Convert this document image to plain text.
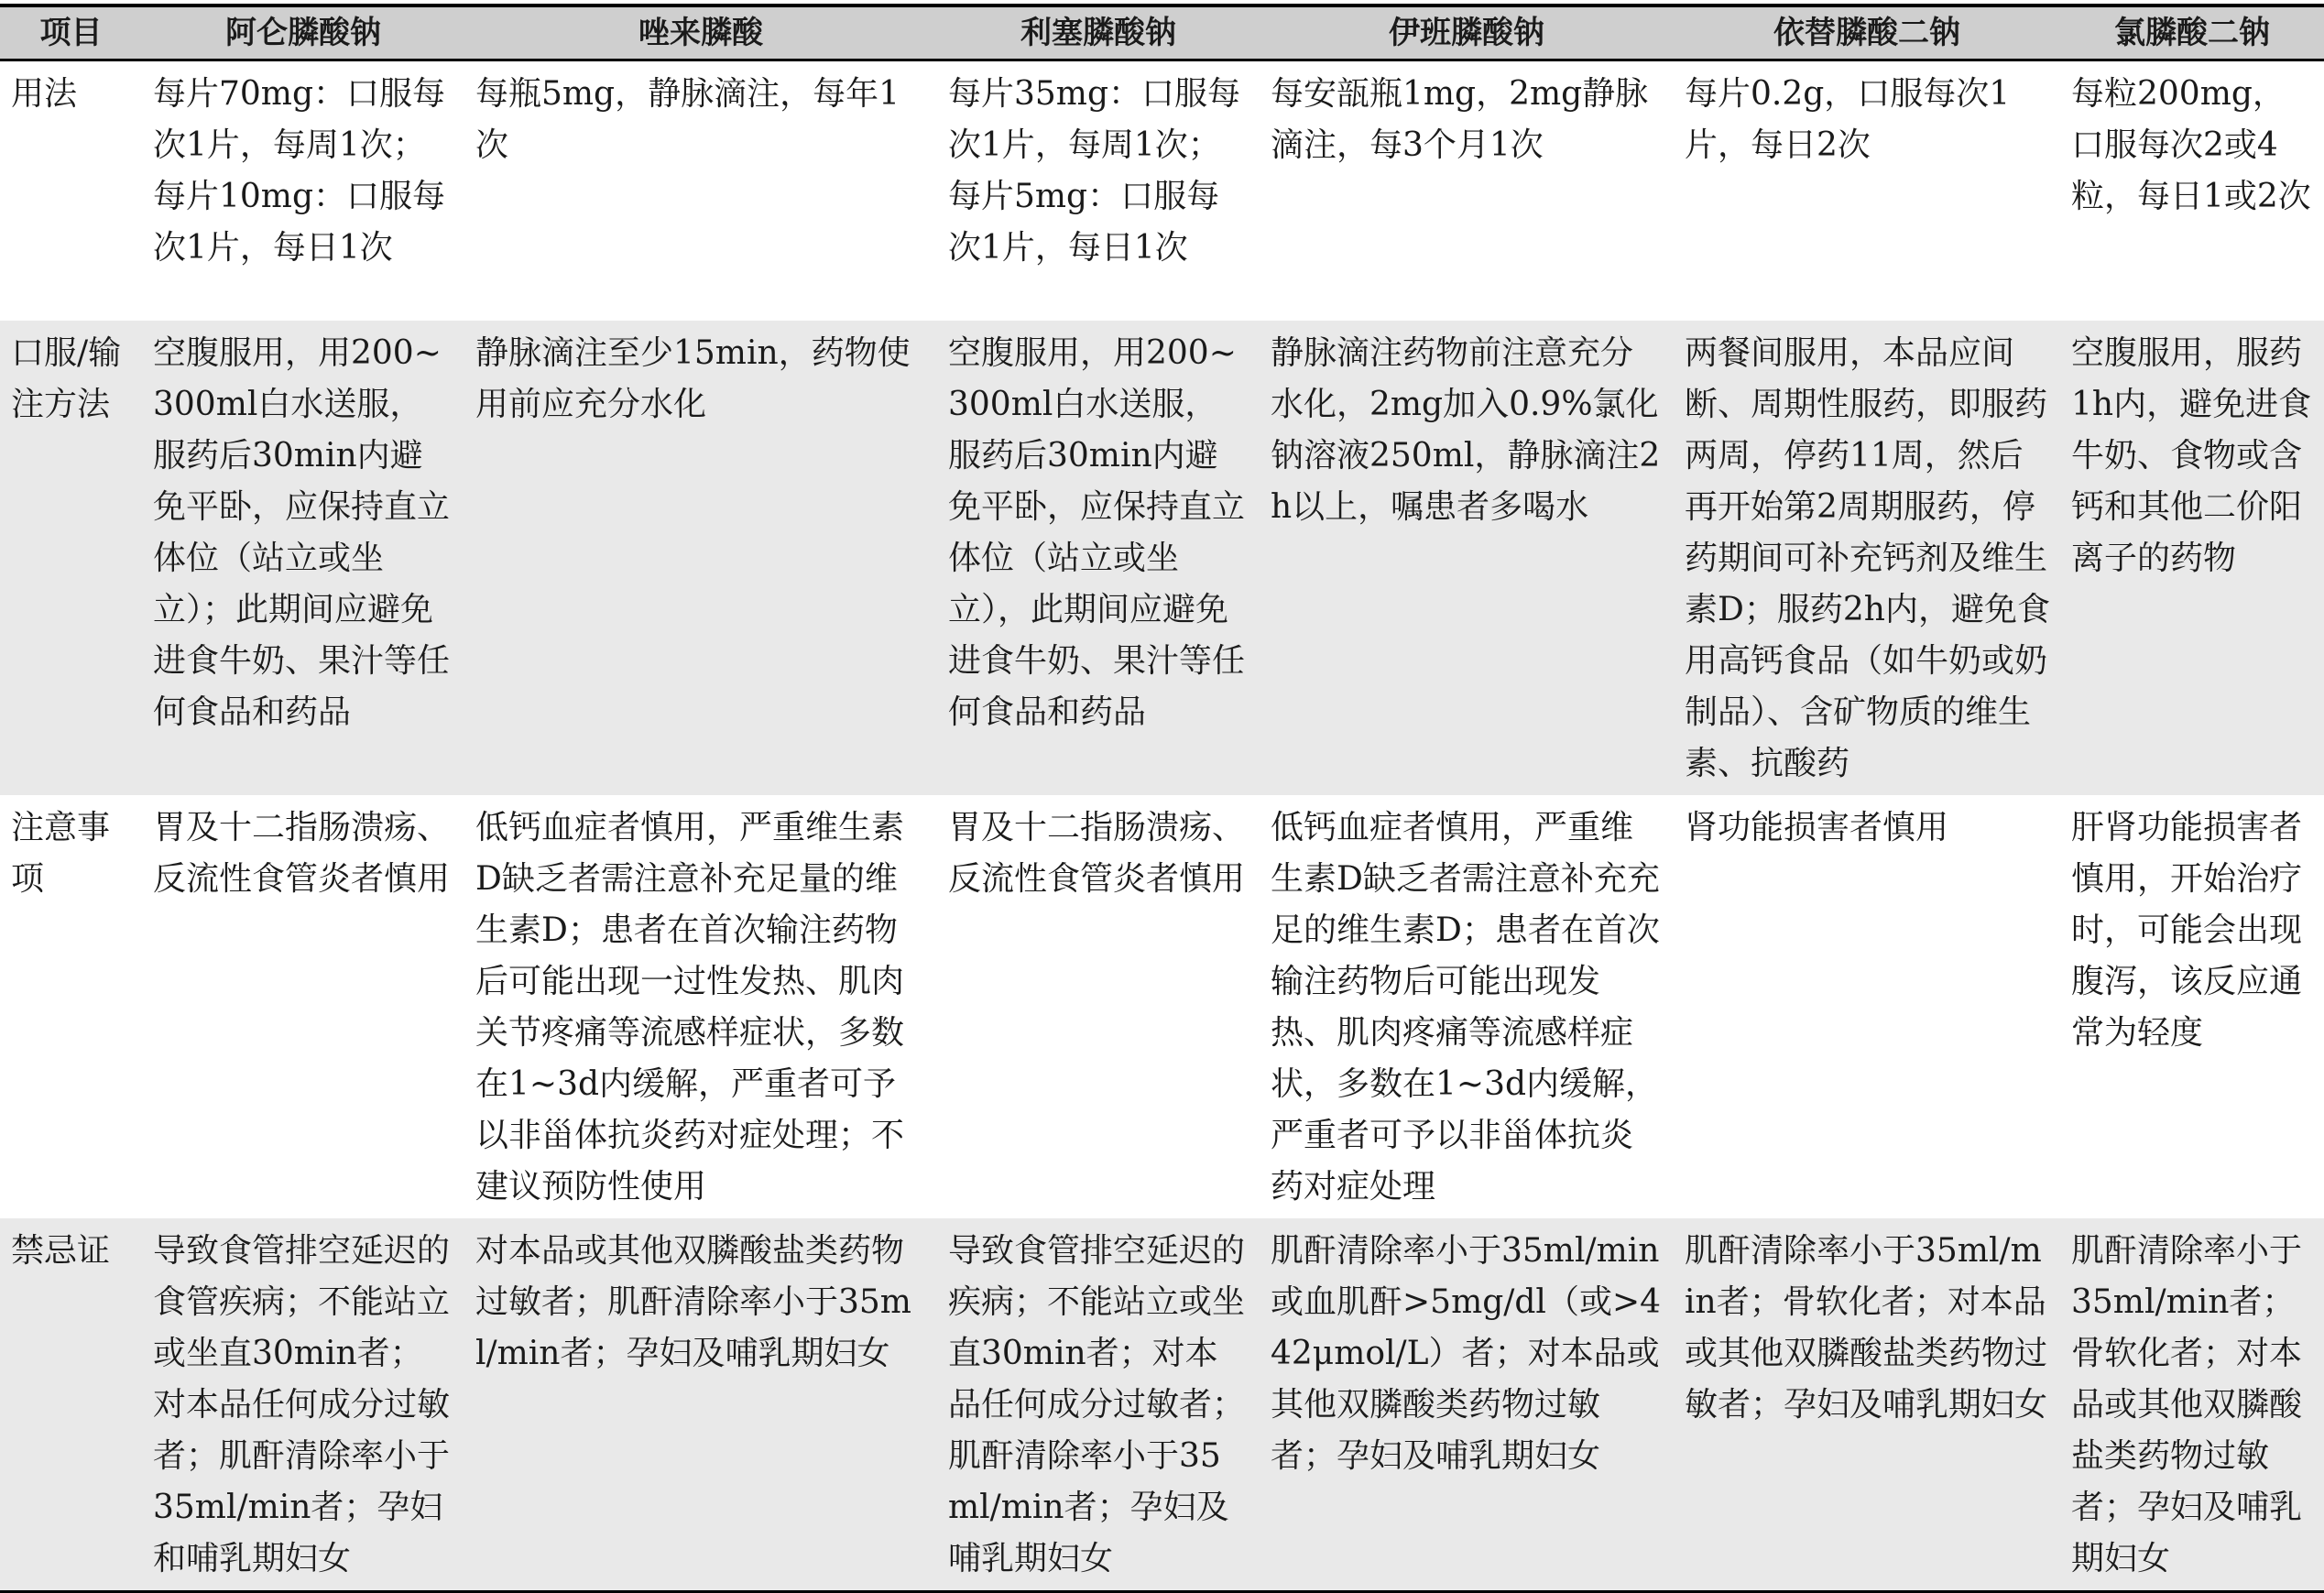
项目	阿仑膦酸钠	唑来膦酸	利塞膦酸钠	伊班膦酸钠	依替膦酸二钠	氯膦酸二钠
用法	每片70mg：口服每次1片，每周1次；每片10mg：口服每次1片，每日1次	每瓶5mg，静脉滴注，每年1次	每片35mg：口服每次1片，每周1次；每片5mg：口服每次1片，每日1次	每安瓿瓶1mg，2mg静脉滴注，每3个月1次	每片0.2g，口服每次1片，每日2次	每粒200mg，口服每次2或4粒，每日1或2次
口服/输注方法	空腹服用，用200~300ml白水送服，服药后30min内避免平卧，应保持直立体位（站立或坐立）；此期间应避免进食牛奶、果汁等任何食品和药品	静脉滴注至少15min，药物使用前应充分水化	空腹服用，用200~300ml白水送服，服药后30min内避免平卧，应保持直立体位（站立或坐立），此期间应避免进食牛奶、果汁等任何食品和药品	静脉滴注药物前注意充分水化，2mg加入0.9%氯化钠溶液250ml，静脉滴注2h以上，嘱患者多喝水	两餐间服用，本品应间断、周期性服药，即服药两周，停药11周，然后再开始第2周期服药，停药期间可补充钙剂及维生素D；服药2h内，避免食用高钙食品（如牛奶或奶制品）、含矿物质的维生素、抗酸药	空腹服用，服药1h内，避免进食牛奶、食物或含钙和其他二价阳离子的药物
注意事项	胃及十二指肠溃疡、反流性食管炎者慎用	低钙血症者慎用，严重维生素D缺乏者需注意补充足量的维生素D；患者在首次输注药物后可能出现一过性发热、肌肉关节疼痛等流感样症状，多数在1~3d内缓解，严重者可予以非甾体抗炎药对症处理；不建议预防性使用	胃及十二指肠溃疡、反流性食管炎者慎用	低钙血症者慎用，严重维生素D缺乏者需注意补充充足的维生素D；患者在首次输注药物后可能出现发热、肌肉疼痛等流感样症状，多数在1~3d内缓解，严重者可予以非甾体抗炎药对症处理	肾功能损害者慎用	肝肾功能损害者慎用，开始治疗时，可能会出现腹泻，该反应通常为轻度
禁忌证	导致食管排空延迟的食管疾病；不能站立或坐直30min者；对本品任何成分过敏者；肌酐清除率小于35ml/min者；孕妇和哺乳期妇女	对本品或其他双膦酸盐类药物过敏者；肌酐清除率小于35ml/min者；孕妇及哺乳期妇女	导致食管排空延迟的疾病；不能站立或坐直30min者；对本品任何成分过敏者；肌酐清除率小于35ml/min者；孕妇及哺乳期妇女	肌酐清除率小于35ml/min或血肌酐>5mg/dl（或>442μmol/L）者；对本品或其他双膦酸类药物过敏者；孕妇及哺乳期妇女	肌酐清除率小于35ml/min者；骨软化者；对本品或其他双膦酸盐类药物过敏者；孕妇及哺乳期妇女	肌酐清除率小于35ml/min者；骨软化者；对本品或其他双膦酸盐类药物过敏者；孕妇及哺乳期妇女
